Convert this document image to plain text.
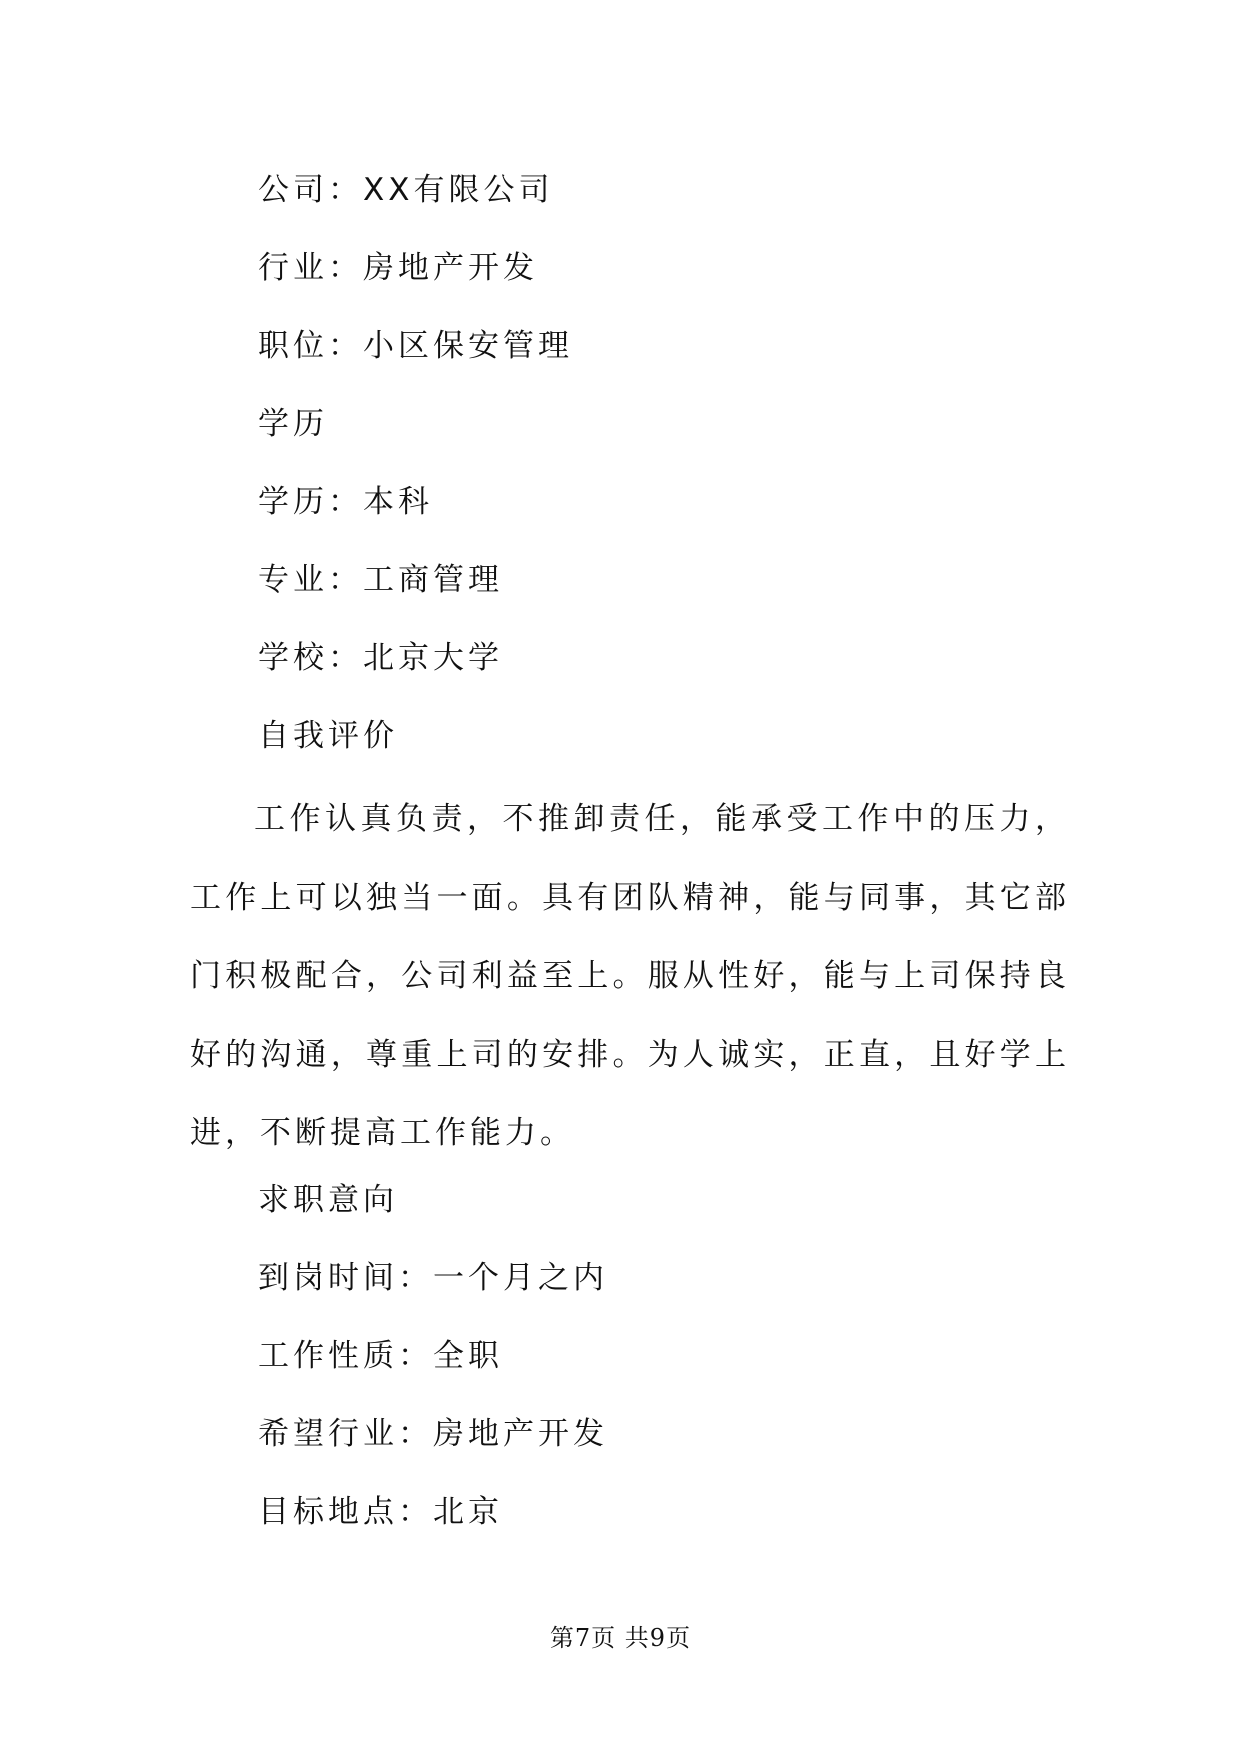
公司：XX有限公司
行业：房地产开发
职位：小区保安管理
学历
学历：本科
专业：工商管理
学校：北京大学
自我评价

工作认真负责，不推卸责任，能承受工作中的压力，工作上可以独当一面。具有团队精神，能与同事，其它部门积极配合，公司利益至上。服从性好，能与上司保持良好的沟通，尊重上司的安排。为人诚实，正直，且好学上进，不断提高工作能力。

求职意向
到岗时间：一个月之内
工作性质：全职
希望行业：房地产开发
目标地点：北京
第7页 共9页
